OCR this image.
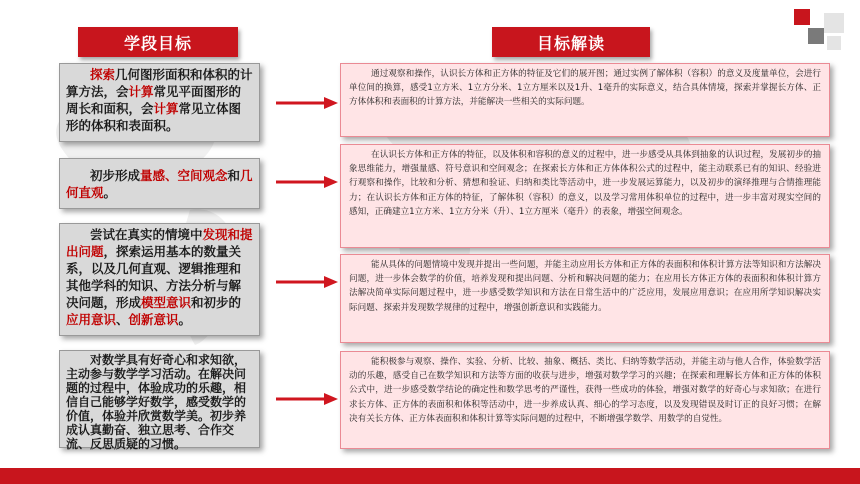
学段目标	目标解读
探索几何图形面积和体积的计算方法，会计算常见平面图形的周长和面积，会计算常见立体图形的体积和表面积。
初步形成量感、空间观念和几何直观。
尝试在真实的情境中发现和提出问题，探索运用基本的数量关系，以及几何直观、逻辑推理和其他学科的知识、方法分析与解决问题，形成模型意识和初步的应用意识、创新意识。
对数学具有好奇心和求知欲，主动参与数学学习活动。在解决问题的过程中，体验成功的乐趣，相信自己能够学好数学，感受数学的价值，体验并欣赏数学美。初步养成认真勤奋、独立思考、合作交流、反思质疑的习惯。
通过观察和操作，认识长方体和正方体的特征及它们的展开图；通过实例了解体积（容积）的意义及度量单位，会进行单位间的换算，感受1立方米、1立方分米、1立方厘米以及1升、1毫升的实际意义，结合具体情境，探索并掌握长方体、正方体体积和表面积的计算方法，并能解决一些相关的实际问题。
在认识长方体和正方体的特征，以及体积和容积的意义的过程中，进一步感受从具体到抽象的认识过程，发展初步的抽象思维能力，增强量感、符号意识和空间观念；在探索长方体和正方体体积公式的过程中，能主动联系已有的知识、经验进行观察和操作，比较和分析、猜想和验证、归纳和类比等活动中，进一步发展运算能力，以及初步的演绎推理与合情推理能力；在认识长方体和正方体的特征，了解体积（容积）的意义，以及学习常用体积单位的过程中，进一步丰富对现实空间的感知，正确建立1立方米、1立方分米（升）、1立方厘米（毫升）的表象，增强空间观念。
能从具体的问题情境中发现并提出一些问题，并能主动应用长方体和正方体的表面积和体积计算方法等知识和方法解决问题，进一步体会数学的价值，培养发现和提出问题、分析和解决问题的能力；在应用长方体正方体的表面积和体积计算方法解决简单实际问题过程中，进一步感受数学知识和方法在日常生活中的广泛应用，发展应用意识；在应用所学知识解决实际问题、探索并发现数学规律的过程中，增强创新意识和实践能力。
能积极参与观察、操作、实验、分析、比较、抽象、概括、类比、归纳等数学活动，并能主动与他人合作，体验数学活动的乐趣，感受自己在数学知识和方法等方面的收获与进步，增强对数学学习的兴趣；在探索和理解长方体和正方体的体积公式中，进一步感受数学结论的确定性和数学思考的严谨性，获得一些成功的体验，增强对数学的好奇心与求知欲；在进行求长方体、正方体的表面积和体积等活动中，进一步养成认真、细心的学习态度，以及发现错误及时订正的良好习惯；在解决有关长方体、正方体表面积和体积计算等实际问题的过程中，不断增强学数学、用数学的自觉性。
